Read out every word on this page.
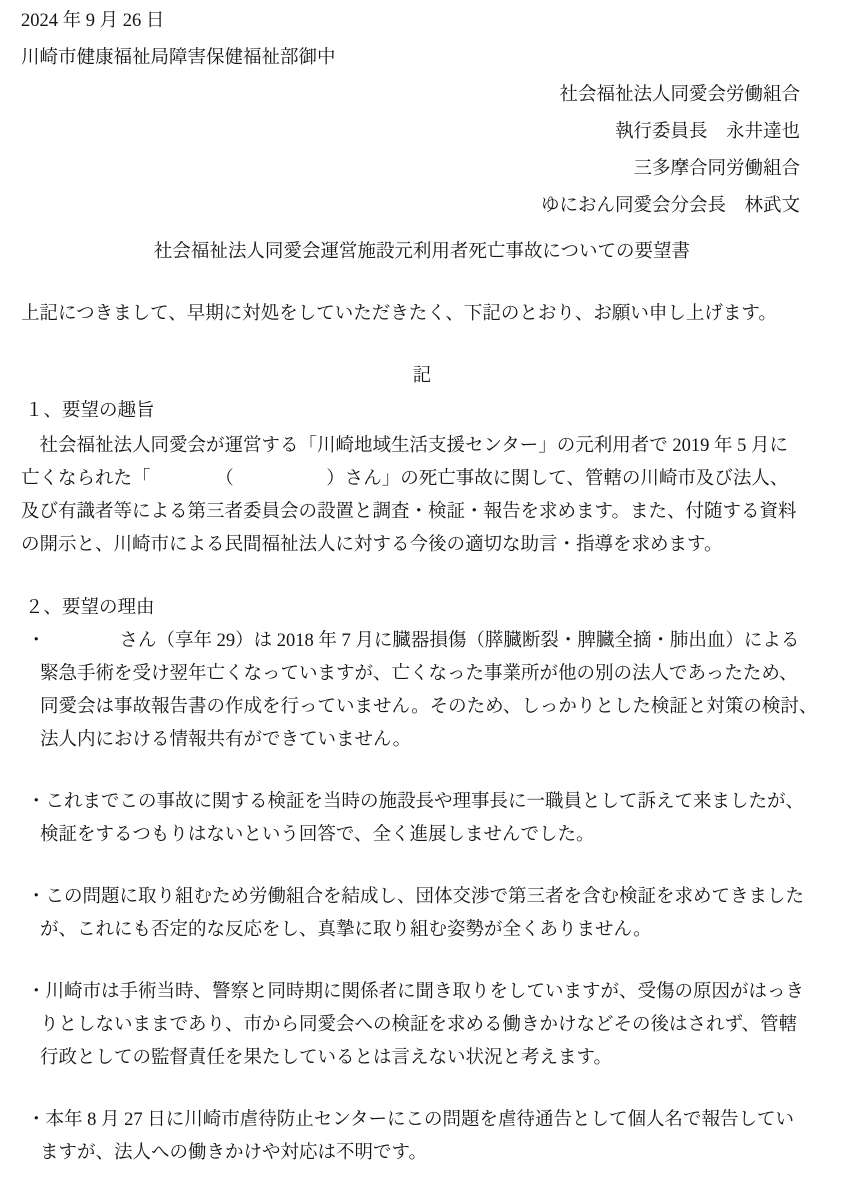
2024 年 9 月 26 日
川崎市健康福祉局障害保健福祉部御中
社会福祉法人同愛会労働組合
執行委員長　永井達也
三多摩合同労働組合
ゆにおん同愛会分会長　林武文
社会福祉法人同愛会運営施設元利用者死亡事故についての要望書
上記につきまして、早期に対処をしていただきたく、下記のとおり、お願い申し上げます。
記
１、要望の趣旨
　社会福祉法人同愛会が運営する「川崎地域生活支援センター」の元利用者で 2019 年 5 月に
亡くなられた「　　　　（　　　　　）さん」の死亡事故に関して、管轄の川崎市及び法人、
及び有識者等による第三者委員会の設置と調査・検証・報告を求めます。また、付随する資料
の開示と、川崎市による民間福祉法人に対する今後の適切な助言・指導を求めます。
２、要望の理由
・　　　　さん（享年 29）は 2018 年 7 月に臓器損傷（膵臓断裂・脾臓全摘・肺出血）による
緊急手術を受け翌年亡くなっていますが、亡くなった事業所が他の別の法人であったため、
同愛会は事故報告書の作成を行っていません。そのため、しっかりとした検証と対策の検討、
法人内における情報共有ができていません。
・これまでこの事故に関する検証を当時の施設長や理事長に一職員として訴えて来ましたが、
検証をするつもりはないという回答で、全く進展しませんでした。
・この問題に取り組むため労働組合を結成し、団体交渉で第三者を含む検証を求めてきました
が、これにも否定的な反応をし、真摯に取り組む姿勢が全くありません。
・川崎市は手術当時、警察と同時期に関係者に聞き取りをしていますが、受傷の原因がはっき
りとしないままであり、市から同愛会への検証を求める働きかけなどその後はされず、管轄
行政としての監督責任を果たしているとは言えない状況と考えます。
・本年 8 月 27 日に川崎市虐待防止センターにこの問題を虐待通告として個人名で報告してい
ますが、法人への働きかけや対応は不明です。
